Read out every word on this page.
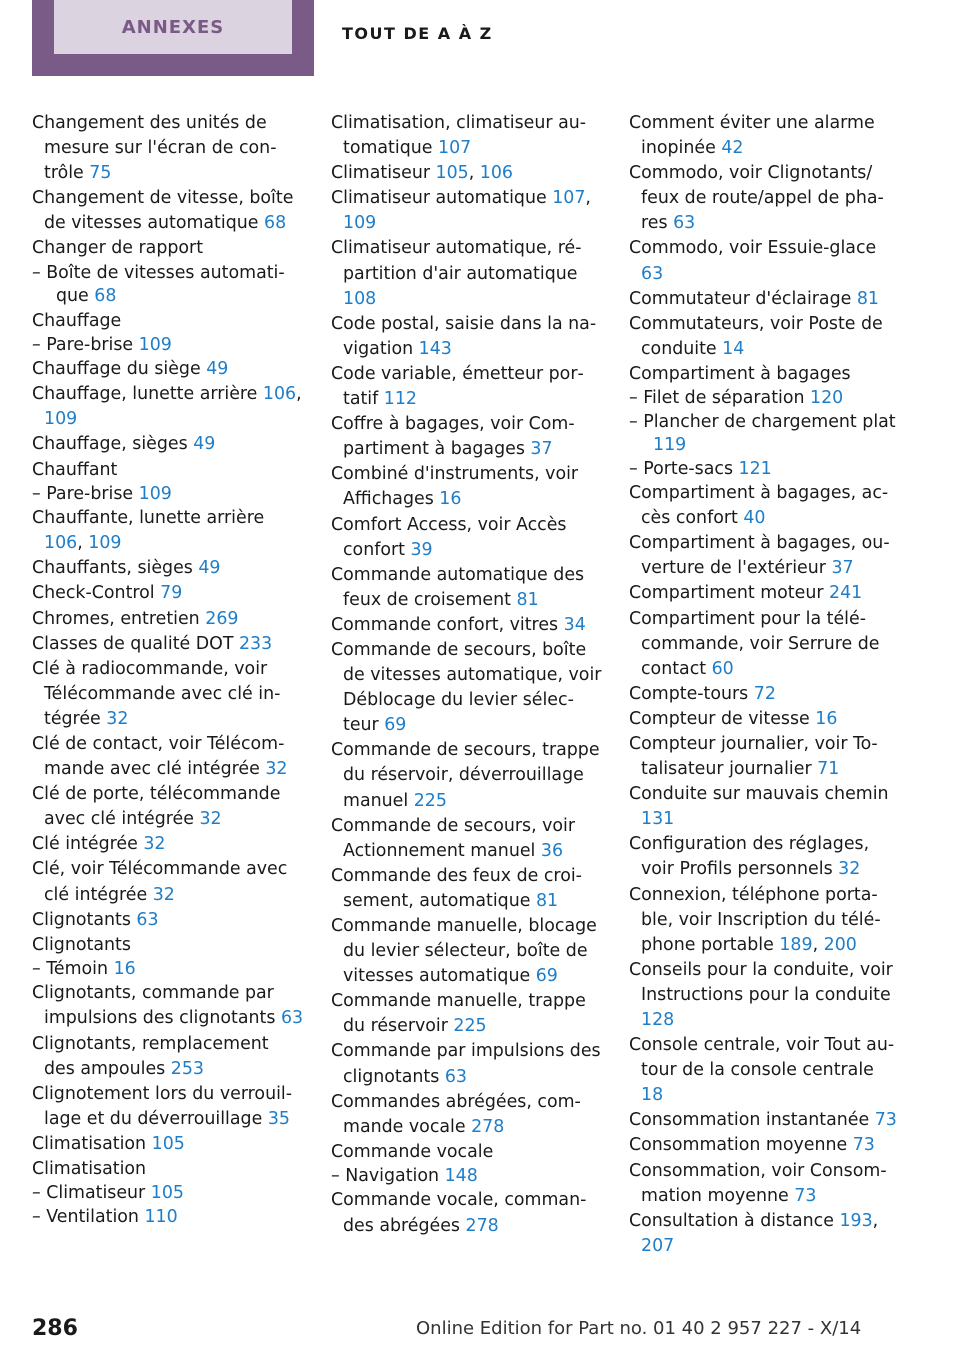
ANNEXES	TOUT DE A À Z
Changement des unités de mesure sur l'écran de contrôle 75
Changement de vitesse, boîte de vitesses automatique 68
Changer de rapport
– Boîte de vitesses automatique 68
Chauffage
– Pare-brise 109
Chauffage du siège 49
Chauffage, lunette arrière 106, 109
Chauffage, sièges 49
Chauffant
– Pare-brise 109
Chauffante, lunette arrière 106, 109
Chauffants, sièges 49
Check-Control 79
Chromes, entretien 269
Classes de qualité DOT 233
Clé à radiocommande, voir Télécommande avec clé intégrée 32
Clé de contact, voir Télécommande avec clé intégrée 32
Clé de porte, télécommande avec clé intégrée 32
Clé intégrée 32
Clé, voir Télécommande avec clé intégrée 32
Clignotants 63
Clignotants
– Témoin 16
Clignotants, commande par impulsions des clignotants 63
Clignotants, remplacement des ampoules 253
Clignotement lors du verrouillage et du déverrouillage 35
Climatisation 105
Climatisation
– Climatiseur 105
– Ventilation 110
Climatisation, climatiseur automatique 107
Climatiseur 105, 106
Climatiseur automatique 107, 109
Climatiseur automatique, répartition d'air automatique 108
Code postal, saisie dans la navigation 143
Code variable, émetteur portatif 112
Coffre à bagages, voir Compartiment à bagages 37
Combiné d'instruments, voir Affichages 16
Comfort Access, voir Accès confort 39
Commande automatique des feux de croisement 81
Commande confort, vitres 34
Commande de secours, boîte de vitesses automatique, voir Déblocage du levier sélecteur 69
Commande de secours, trappe du réservoir, déverrouillage manuel 225
Commande de secours, voir Actionnement manuel 36
Commande des feux de croisement, automatique 81
Commande manuelle, blocage du levier sélecteur, boîte de vitesses automatique 69
Commande manuelle, trappe du réservoir 225
Commande par impulsions des clignotants 63
Commandes abrégées, commande vocale 278
Commande vocale
– Navigation 148
Commande vocale, commandes abrégées 278
Comment éviter une alarme inopinée 42
Commodo, voir Clignotants/ feux de route/appel de phares 63
Commodo, voir Essuie-glace 63
Commutateur d'éclairage 81
Commutateurs, voir Poste de conduite 14
Compartiment à bagages
– Filet de séparation 120
– Plancher de chargement plat 119
– Porte-sacs 121
Compartiment à bagages, accès confort 40
Compartiment à bagages, ouverture de l'extérieur 37
Compartiment moteur 241
Compartiment pour la télécommande, voir Serrure de contact 60
Compte-tours 72
Compteur de vitesse 16
Compteur journalier, voir Totalisateur journalier 71
Conduite sur mauvais chemin 131
Configuration des réglages, voir Profils personnels 32
Connexion, téléphone portable, voir Inscription du téléphone portable 189, 200
Conseils pour la conduite, voir Instructions pour la conduite 128
Console centrale, voir Tout autour de la console centrale 18
Consommation instantanée 73
Consommation moyenne 73
Consommation, voir Consommation moyenne 73
Consultation à distance 193, 207
286	Online Edition for Part no. 01 40 2 957 227 - X/14
